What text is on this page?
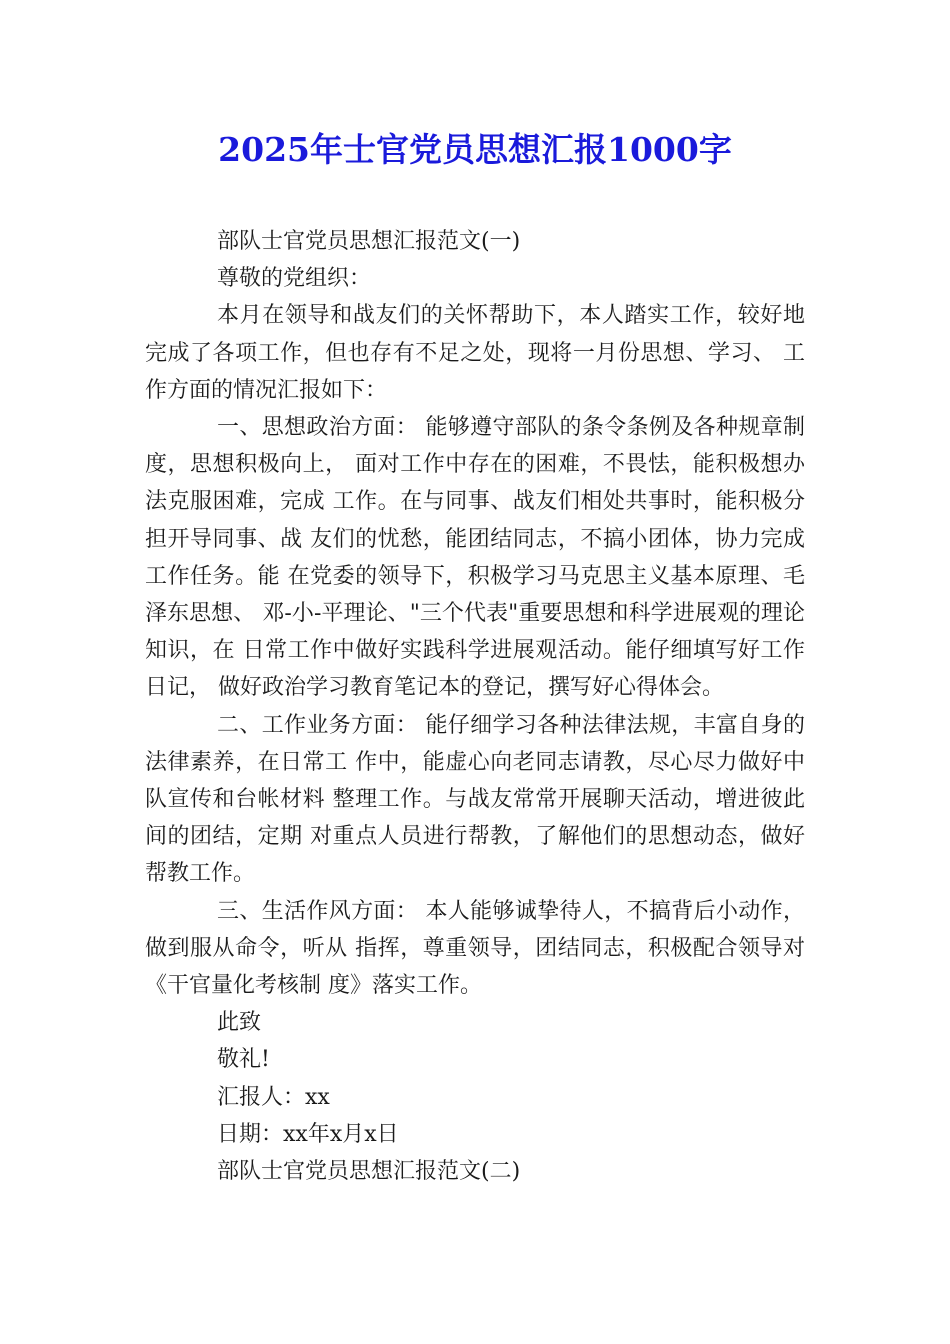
2025年士官党员思想汇报1000字

部队士官党员思想汇报范文(一)

尊敬的党组织：

本月在领导和战友们的关怀帮助下，本人踏实工作，较好地 完成了各项工作，但也存有不足之处，现将一月份思想、学习、 工作方面的情况汇报如下：

一、思想政治方面： 能够遵守部队的条令条例及各种规章制度，思想积极向上， 面对工作中存在的困难，不畏怯，能积极想办法克服困难，完成 工作。在与同事、战友们相处共事时，能积极分担开导同事、战 友们的忧愁，能团结同志，不搞小团体，协力完成工作任务。能 在党委的领导下，积极学习马克思主义基本原理、毛泽东思想、 邓-小-平理论、"三个代表"重要思想和科学进展观的理论知识，在 日常工作中做好实践科学进展观活动。能仔细填写好工作日记， 做好政治学习教育笔记本的登记，撰写好心得体会。

二、工作业务方面： 能仔细学习各种法律法规，丰富自身的法律素养，在日常工 作中，能虚心向老同志请教，尽心尽力做好中队宣传和台帐材料 整理工作。与战友常常开展聊天活动，增进彼此间的团结，定期 对重点人员进行帮教，了解他们的思想动态，做好帮教工作。

三、生活作风方面： 本人能够诚挚待人，不搞背后小动作，做到服从命令，听从 指挥，尊重领导，团结同志，积极配合领导对《干官量化考核制 度》落实工作。

此致

敬礼!

汇报人：xx

日期：xx年x月x日

部队士官党员思想汇报范文(二)
